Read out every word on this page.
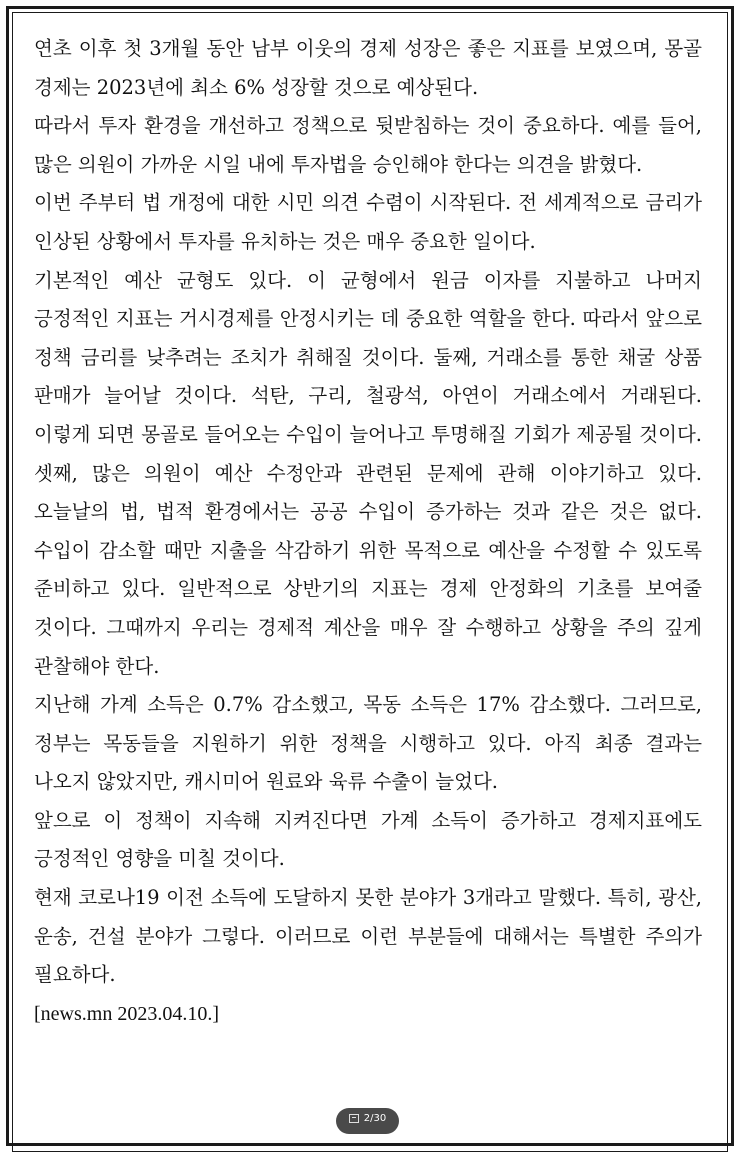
연초 이후 첫 3개월 동안 남부 이웃의 경제 성장은 좋은 지표를 보였으며, 몽골 경제는 2023년에 최소 6% 성장할 것으로 예상된다.

따라서 투자 환경을 개선하고 정책으로 뒷받침하는 것이 중요하다. 예를 들어, 많은 의원이 가까운 시일 내에 투자법을 승인해야 한다는 의견을 밝혔다.

이번 주부터 법 개정에 대한 시민 의견 수렴이 시작된다. 전 세계적으로 금리가 인상된 상황에서 투자를 유치하는 것은 매우 중요한 일이다.

기본적인 예산 균형도 있다. 이 균형에서 원금 이자를 지불하고 나머지 긍정적인 지표는 거시경제를 안정시키는 데 중요한 역할을 한다. 따라서 앞으로 정책 금리를 낮추려는 조치가 취해질 것이다. 둘째, 거래소를 통한 채굴 상품 판매가 늘어날 것이다. 석탄, 구리, 철광석, 아연이 거래소에서 거래된다. 이렇게 되면 몽골로 들어오는 수입이 늘어나고 투명해질 기회가 제공될 것이다. 셋째, 많은 의원이 예산 수정안과 관련된 문제에 관해 이야기하고 있다. 오늘날의 법, 법적 환경에서는 공공 수입이 증가하는 것과 같은 것은 없다. 수입이 감소할 때만 지출을 삭감하기 위한 목적으로 예산을 수정할 수 있도록 준비하고 있다. 일반적으로 상반기의 지표는 경제 안정화의 기초를 보여줄 것이다. 그때까지 우리는 경제적 계산을 매우 잘 수행하고 상황을 주의 깊게 관찰해야 한다.

지난해 가계 소득은 0.7% 감소했고, 목동 소득은 17% 감소했다. 그러므로, 정부는 목동들을 지원하기 위한 정책을 시행하고 있다. 아직 최종 결과는 나오지 않았지만, 캐시미어 원료와 육류 수출이 늘었다.

앞으로 이 정책이 지속해 지켜진다면 가계 소득이 증가하고 경제지표에도 긍정적인 영향을 미칠 것이다.

현재 코로나19 이전 소득에 도달하지 못한 분야가 3개라고 말했다. 특히, 광산, 운송, 건설 분야가 그렇다. 이러므로 이런 부분들에 대해서는 특별한 주의가 필요하다.

[news.mn 2023.04.10.]

2/30
